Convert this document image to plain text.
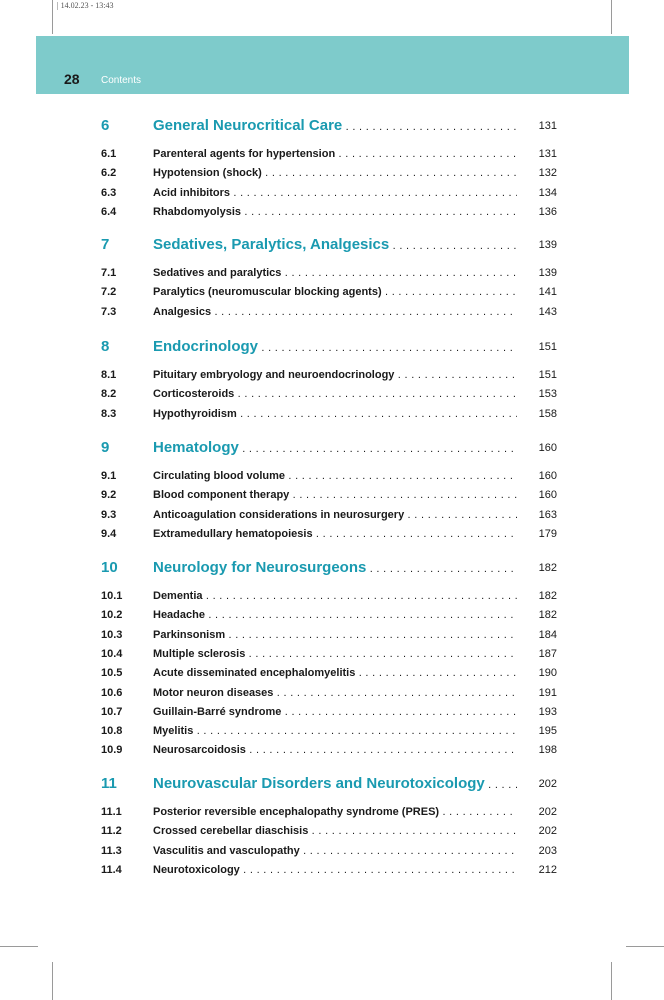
| 14.02.23 - 13:43
28 Contents
6	General Neurocritical Care . . .	131
6.1	Parenteral agents for hypertension . . .	131
6.2	Hypotension (shock) . . .	132
6.3	Acid inhibitors . . .	134
6.4	Rhabdomyolysis . . .	136
7	Sedatives, Paralytics, Analgesics . . .	139
7.1	Sedatives and paralytics . . .	139
7.2	Paralytics (neuromuscular blocking agents) . . .	141
7.3	Analgesics . . .	143
8	Endocrinology . . .	151
8.1	Pituitary embryology and neuroendocrinology . . .	151
8.2	Corticosteroids . . .	153
8.3	Hypothyroidism . . .	158
9	Hematology . . .	160
9.1	Circulating blood volume . . .	160
9.2	Blood component therapy . . .	160
9.3	Anticoagulation considerations in neurosurgery . . .	163
9.4	Extramedullary hematopoiesis . . .	179
10 Neurology for Neurosurgeons . . .	182
10.1	Dementia . . .	182
10.2	Headache . . .	182
10.3	Parkinsonism . . .	184
10.4	Multiple sclerosis . . .	187
10.5	Acute disseminated encephalomyelitis . . .	190
10.6	Motor neuron diseases . . .	191
10.7	Guillain-Barré syndrome . . .	193
10.8	Myelitis . . .	195
10.9	Neurosarcoidosis . . .	198
11 Neurovascular Disorders and Neurotoxicology . . .	202
11.1	Posterior reversible encephalopathy syndrome (PRES) . . .	202
11.2	Crossed cerebellar diaschisis . . .	202
11.3	Vasculitis and vasculopathy . . .	203
11.4	Neurotoxicology . . .	212
